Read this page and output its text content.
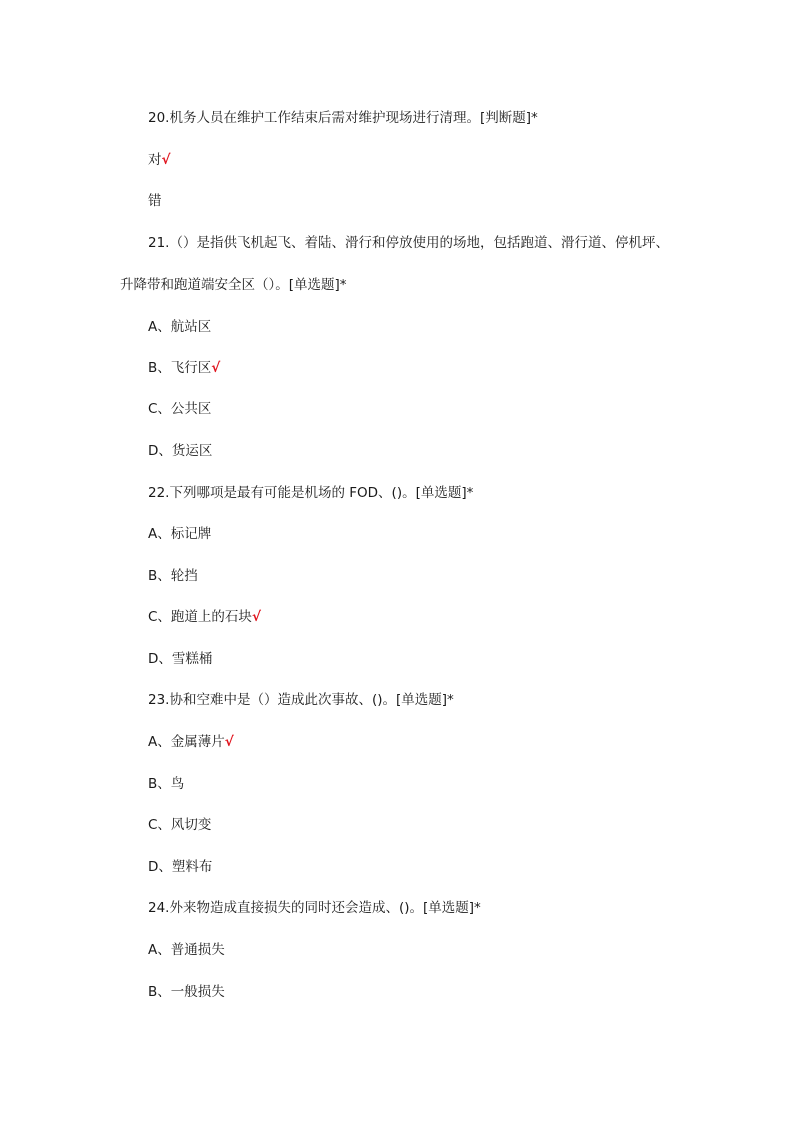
20.机务人员在维护工作结束后需对维护现场进行清理。[判断题]*
对√
错
21.（）是指供飞机起飞、着陆、滑行和停放使用的场地，包括跑道、滑行道、停机坪、
升降带和跑道端安全区（）。[单选题]*
A、航站区
B、飞行区√
C、公共区
D、货运区
22.下列哪项是最有可能是机场的 FOD、()。[单选题]*
A、标记牌
B、轮挡
C、跑道上的石块√
D、雪糕桶
23.协和空难中是（）造成此次事故、()。[单选题]*
A、金属薄片√
B、鸟
C、风切变
D、塑料布
24.外来物造成直接损失的同时还会造成、()。[单选题]*
A、普通损失
B、一般损失
